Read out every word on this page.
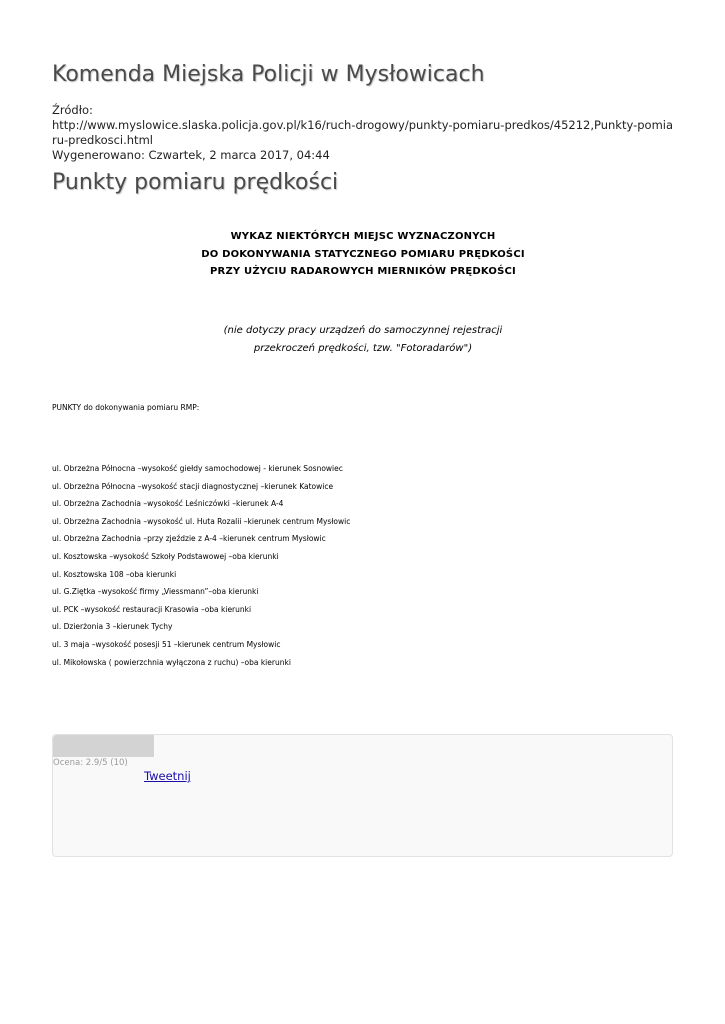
Komenda Miejska Policji w Mysłowicach
Źródło:
http://www.myslowice.slaska.policja.gov.pl/k16/ruch-drogowy/punkty-pomiaru-predkos/45212,Punkty-pomiaru-predkosci.html
Wygenerowano: Czwartek, 2 marca 2017, 04:44
Punkty pomiaru prędkości
WYKAZ NIEKTÓRYCH MIEJSC WYZNACZONYCH
DO DOKONYWANIA STATYCZNEGO POMIARU PRĘDKOŚCI
PRZY UŻYCIU RADAROWYCH MIERNIKÓW PRĘDKOŚCI
(nie dotyczy pracy urządzeń do samoczynnej rejestracji
przekroczeń prędkości, tzw. "Fotoradarów")
PUNKTY do dokonywania pomiaru RMP:
ul. Obrzeżna Północna –wysokość giełdy samochodowej - kierunek Sosnowiec
ul. Obrzeżna Północna –wysokość stacji diagnostycznej –kierunek Katowice
ul. Obrzeżna Zachodnia –wysokość Leśniczówki –kierunek A-4
ul. Obrzeżna Zachodnia –wysokość ul. Huta Rozalii –kierunek centrum Mysłowic
ul. Obrzeżna Zachodnia –przy zjeździe z A-4 –kierunek centrum Mysłowic
ul. Kosztowska –wysokość Szkoły Podstawowej –oba kierunki
ul. Kosztowska 108 –oba kierunki
ul. G.Ziętka –wysokość firmy „Viessmann”–oba kierunki
ul. PCK –wysokość restauracji Krasowia –oba kierunki
ul. Dzierżonia 3 –kierunek Tychy
ul. 3 maja –wysokość posesji 51 –kierunek centrum Mysłowic
ul. Mikołowska ( powierzchnia wyłączona z ruchu) –oba kierunki
Ocena: 2.9/5 (10)
Tweetnij
